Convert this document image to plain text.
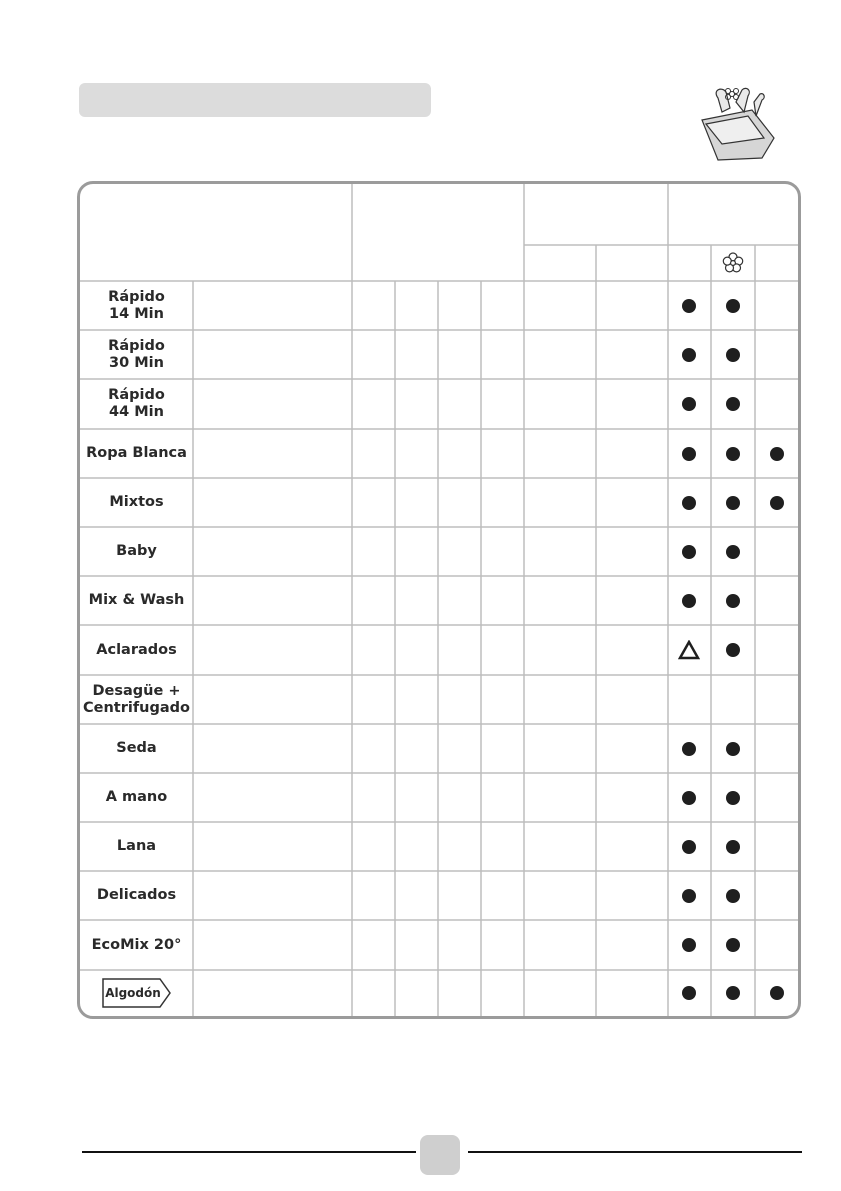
Rápido
14 Min
Rápido
30 Min
Rápido
44 Min
Ropa Blanca
Mixtos
Baby
Mix & Wash
Aclarados
Desagüe +
Centrifugado
Seda
A mano
Lana
Delicados
EcoMix 20°
Algodón
